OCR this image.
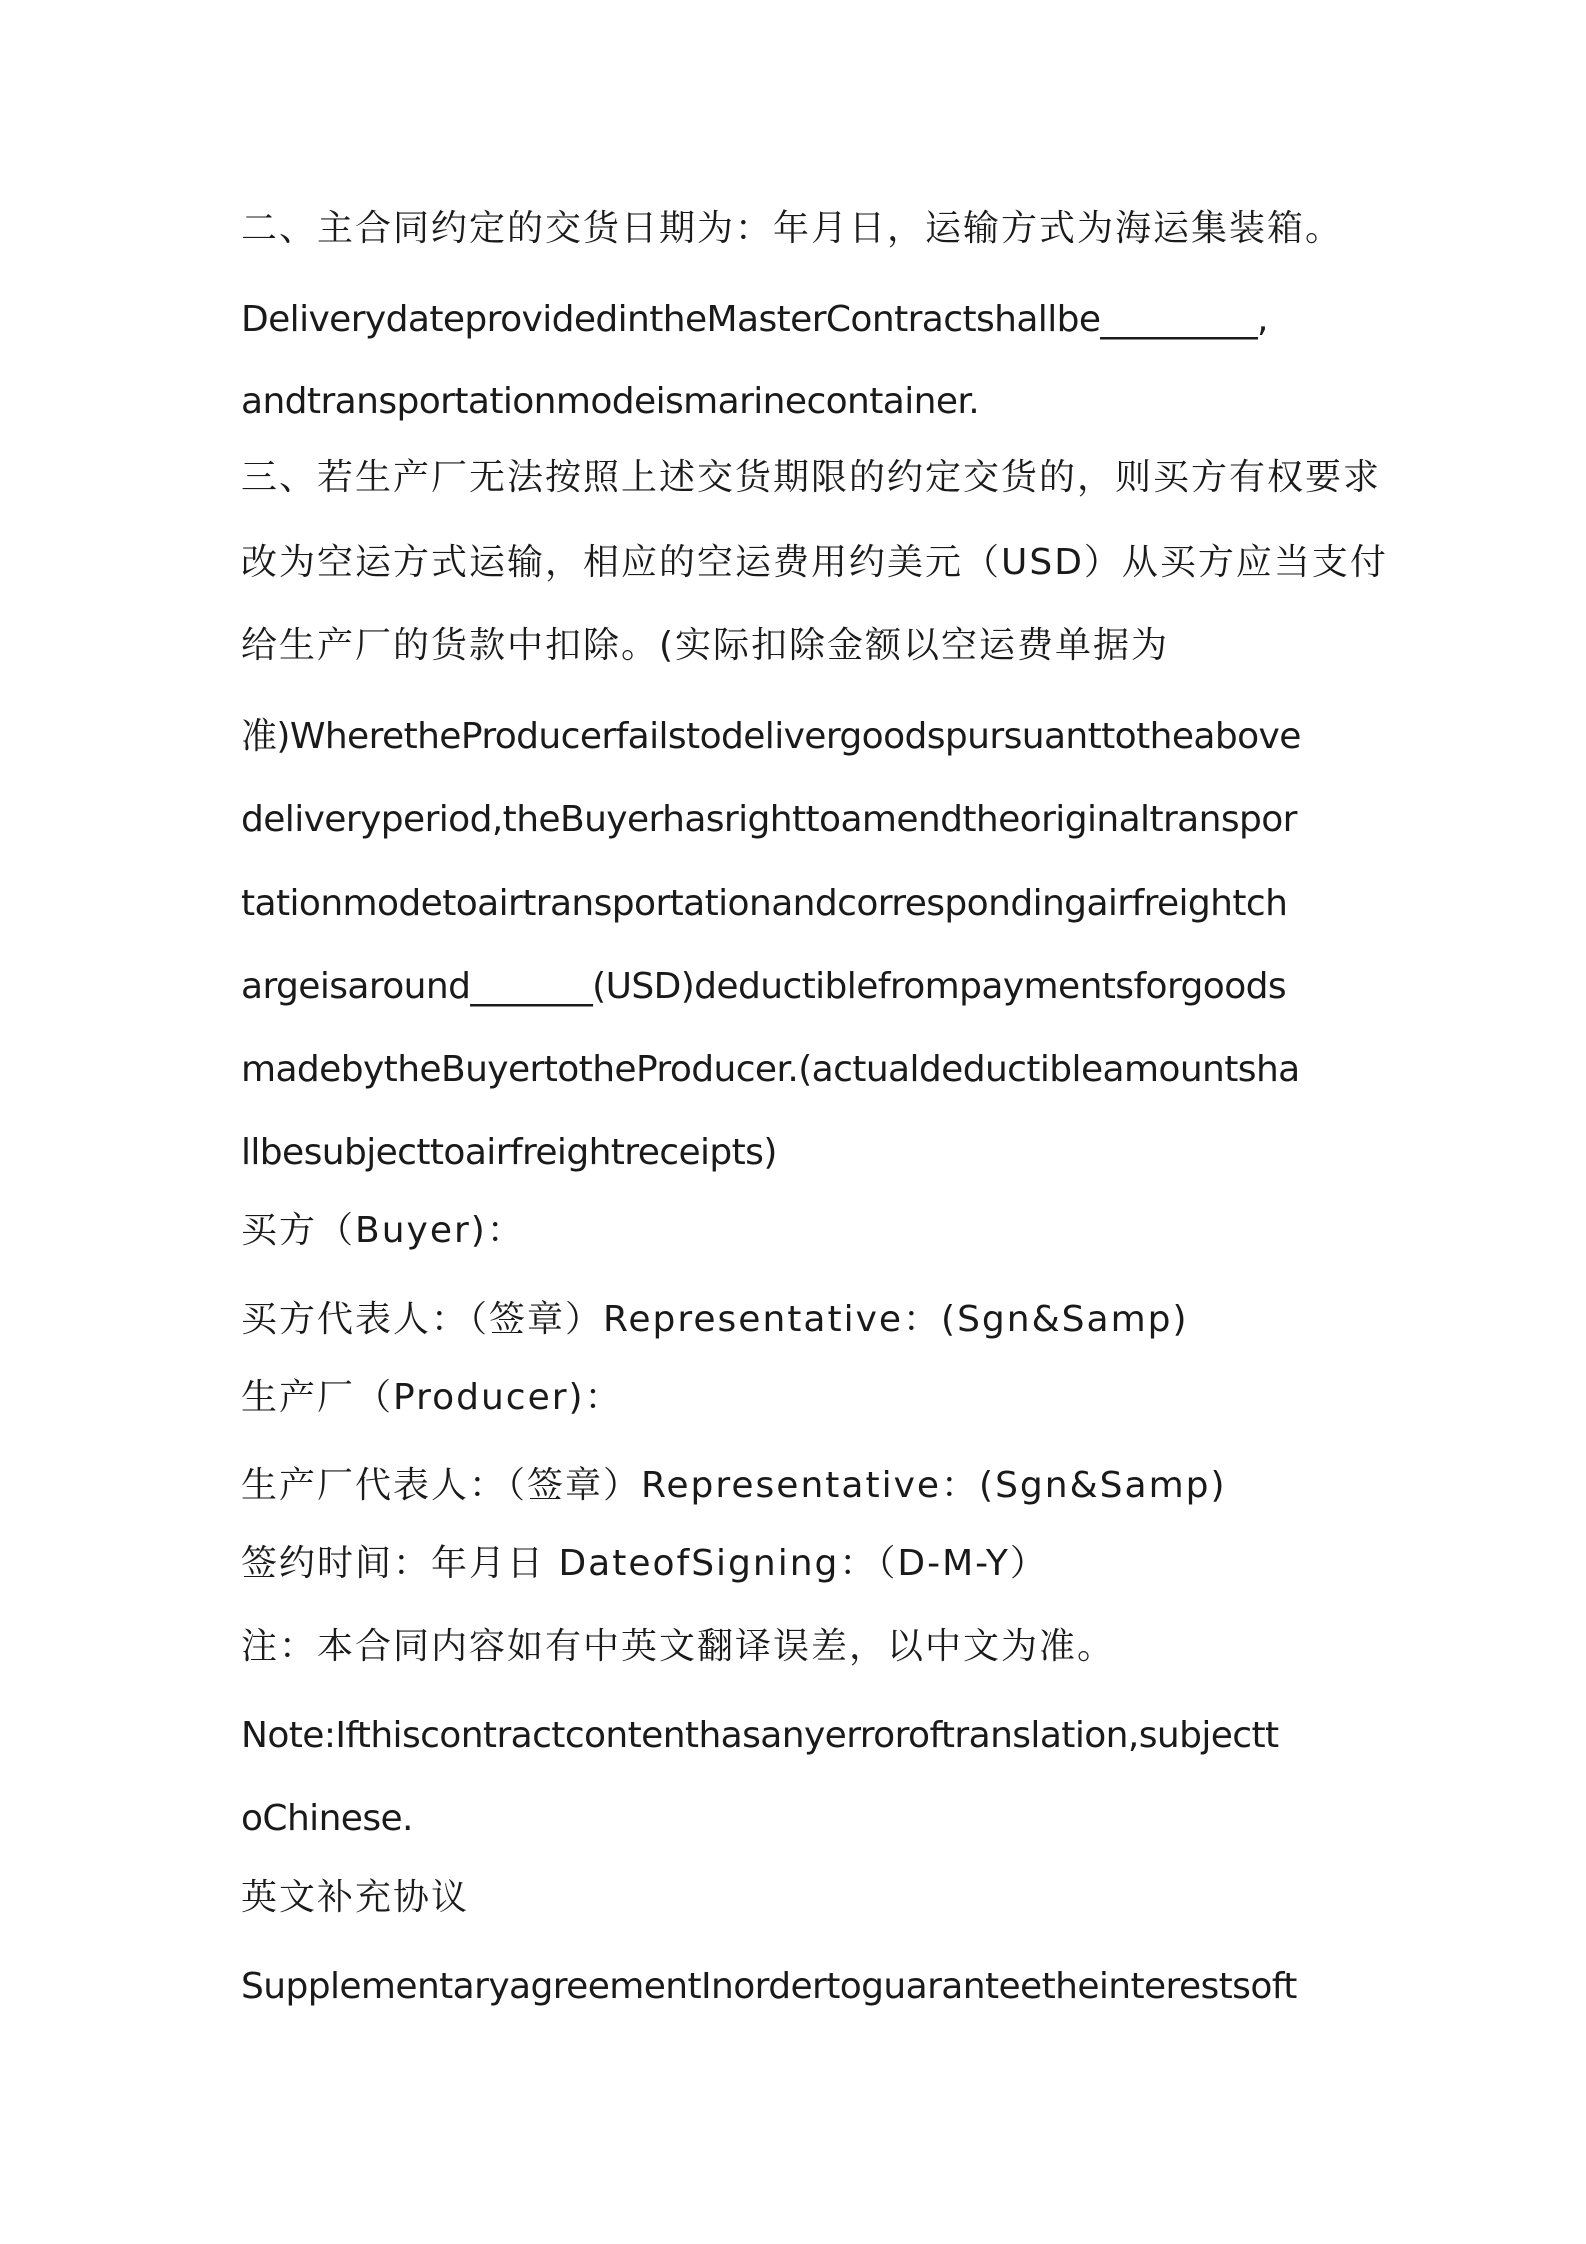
二、主合同约定的交货日期为：年月日，运输方式为海运集装箱。
DeliverydateprovidedintheMasterContractshallbe_________,
andtransportationmodeismarinecontainer.
三、若生产厂无法按照上述交货期限的约定交货的，则买方有权要求
改为空运方式运输，相应的空运费用约美元（USD）从买方应当支付
给生产厂的货款中扣除。(实际扣除金额以空运费单据为
准)WheretheProducerfailstodelivergoodspursuanttotheabove
deliveryperiod,theBuyerhasrighttoamendtheoriginaltranspor
tationmodetoairtransportationandcorrespondingairfreightch
argeisaround_______(USD)deductiblefrompaymentsforgoods
madebytheBuyertotheProducer.(actualdeductibleamountsha
llbesubjecttoairfreightreceipts)
买方（Buyer)：
买方代表人：（签章）Representative：(Sgn&Samp)
生产厂（Producer)：
生产厂代表人：（签章）Representative：(Sgn&Samp)
签约时间：年月日 DateofSigning：（D-M-Y）
注：本合同内容如有中英文翻译误差，以中文为准。
Note:Ifthiscontractcontenthasanyerroroftranslation,subjectt
oChinese.
英文补充协议
SupplementaryagreementInordertoguaranteetheinterestsoft
